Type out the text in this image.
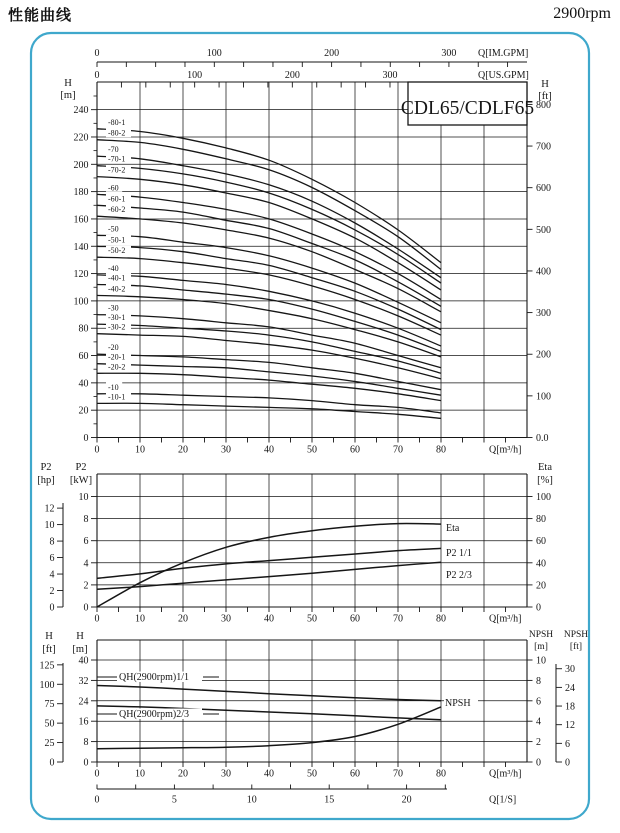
性能曲线	2900rpm
0	100	200	300 Q[IM.GPM]
0	100	200	300	Q[US.GPM]
0
20
40
60
80
100
120
140
160
180
200
220
240
H
[m]
0.0
100
200
300
400
500
600
700
800
H
[ft]
0	10	20	30	40	50	60	70	80	Q[m³/h]
CDL65/CDLF65
-80-1
-80-2
-70
-70-1
-70-2
-60
-60-1
-60-2
-50
-50-1
-50-2
-40
-40-1
-40-2
-30
-30-1
-30-2
-20
-20-1
-20-2
-10
-10-1
0
2
4
6
8
10
P2
[kW]
0
2
4
6
8
10
12
P2
[hp]
0
20
40
60
80
100
Eta
[%]
0	10	20	30	40	50	60	70	80	Q[m³/h]
Eta
P2 1/1
P2 2/3
0
8
16
24
32
40
H
[m]
0
25
50
75
100
125
H
[ft]
0
2
4
6
8
10
NPSH
[m]
0
6
12
18
24
30
NPSH
[ft]
0	10	20	30	40	50	60	70	80	Q[m³/h]
0	5	10	15	20	Q[1/S]
QH(2900rpm)1/1
QH(2900rpm)2/3
NPSH
